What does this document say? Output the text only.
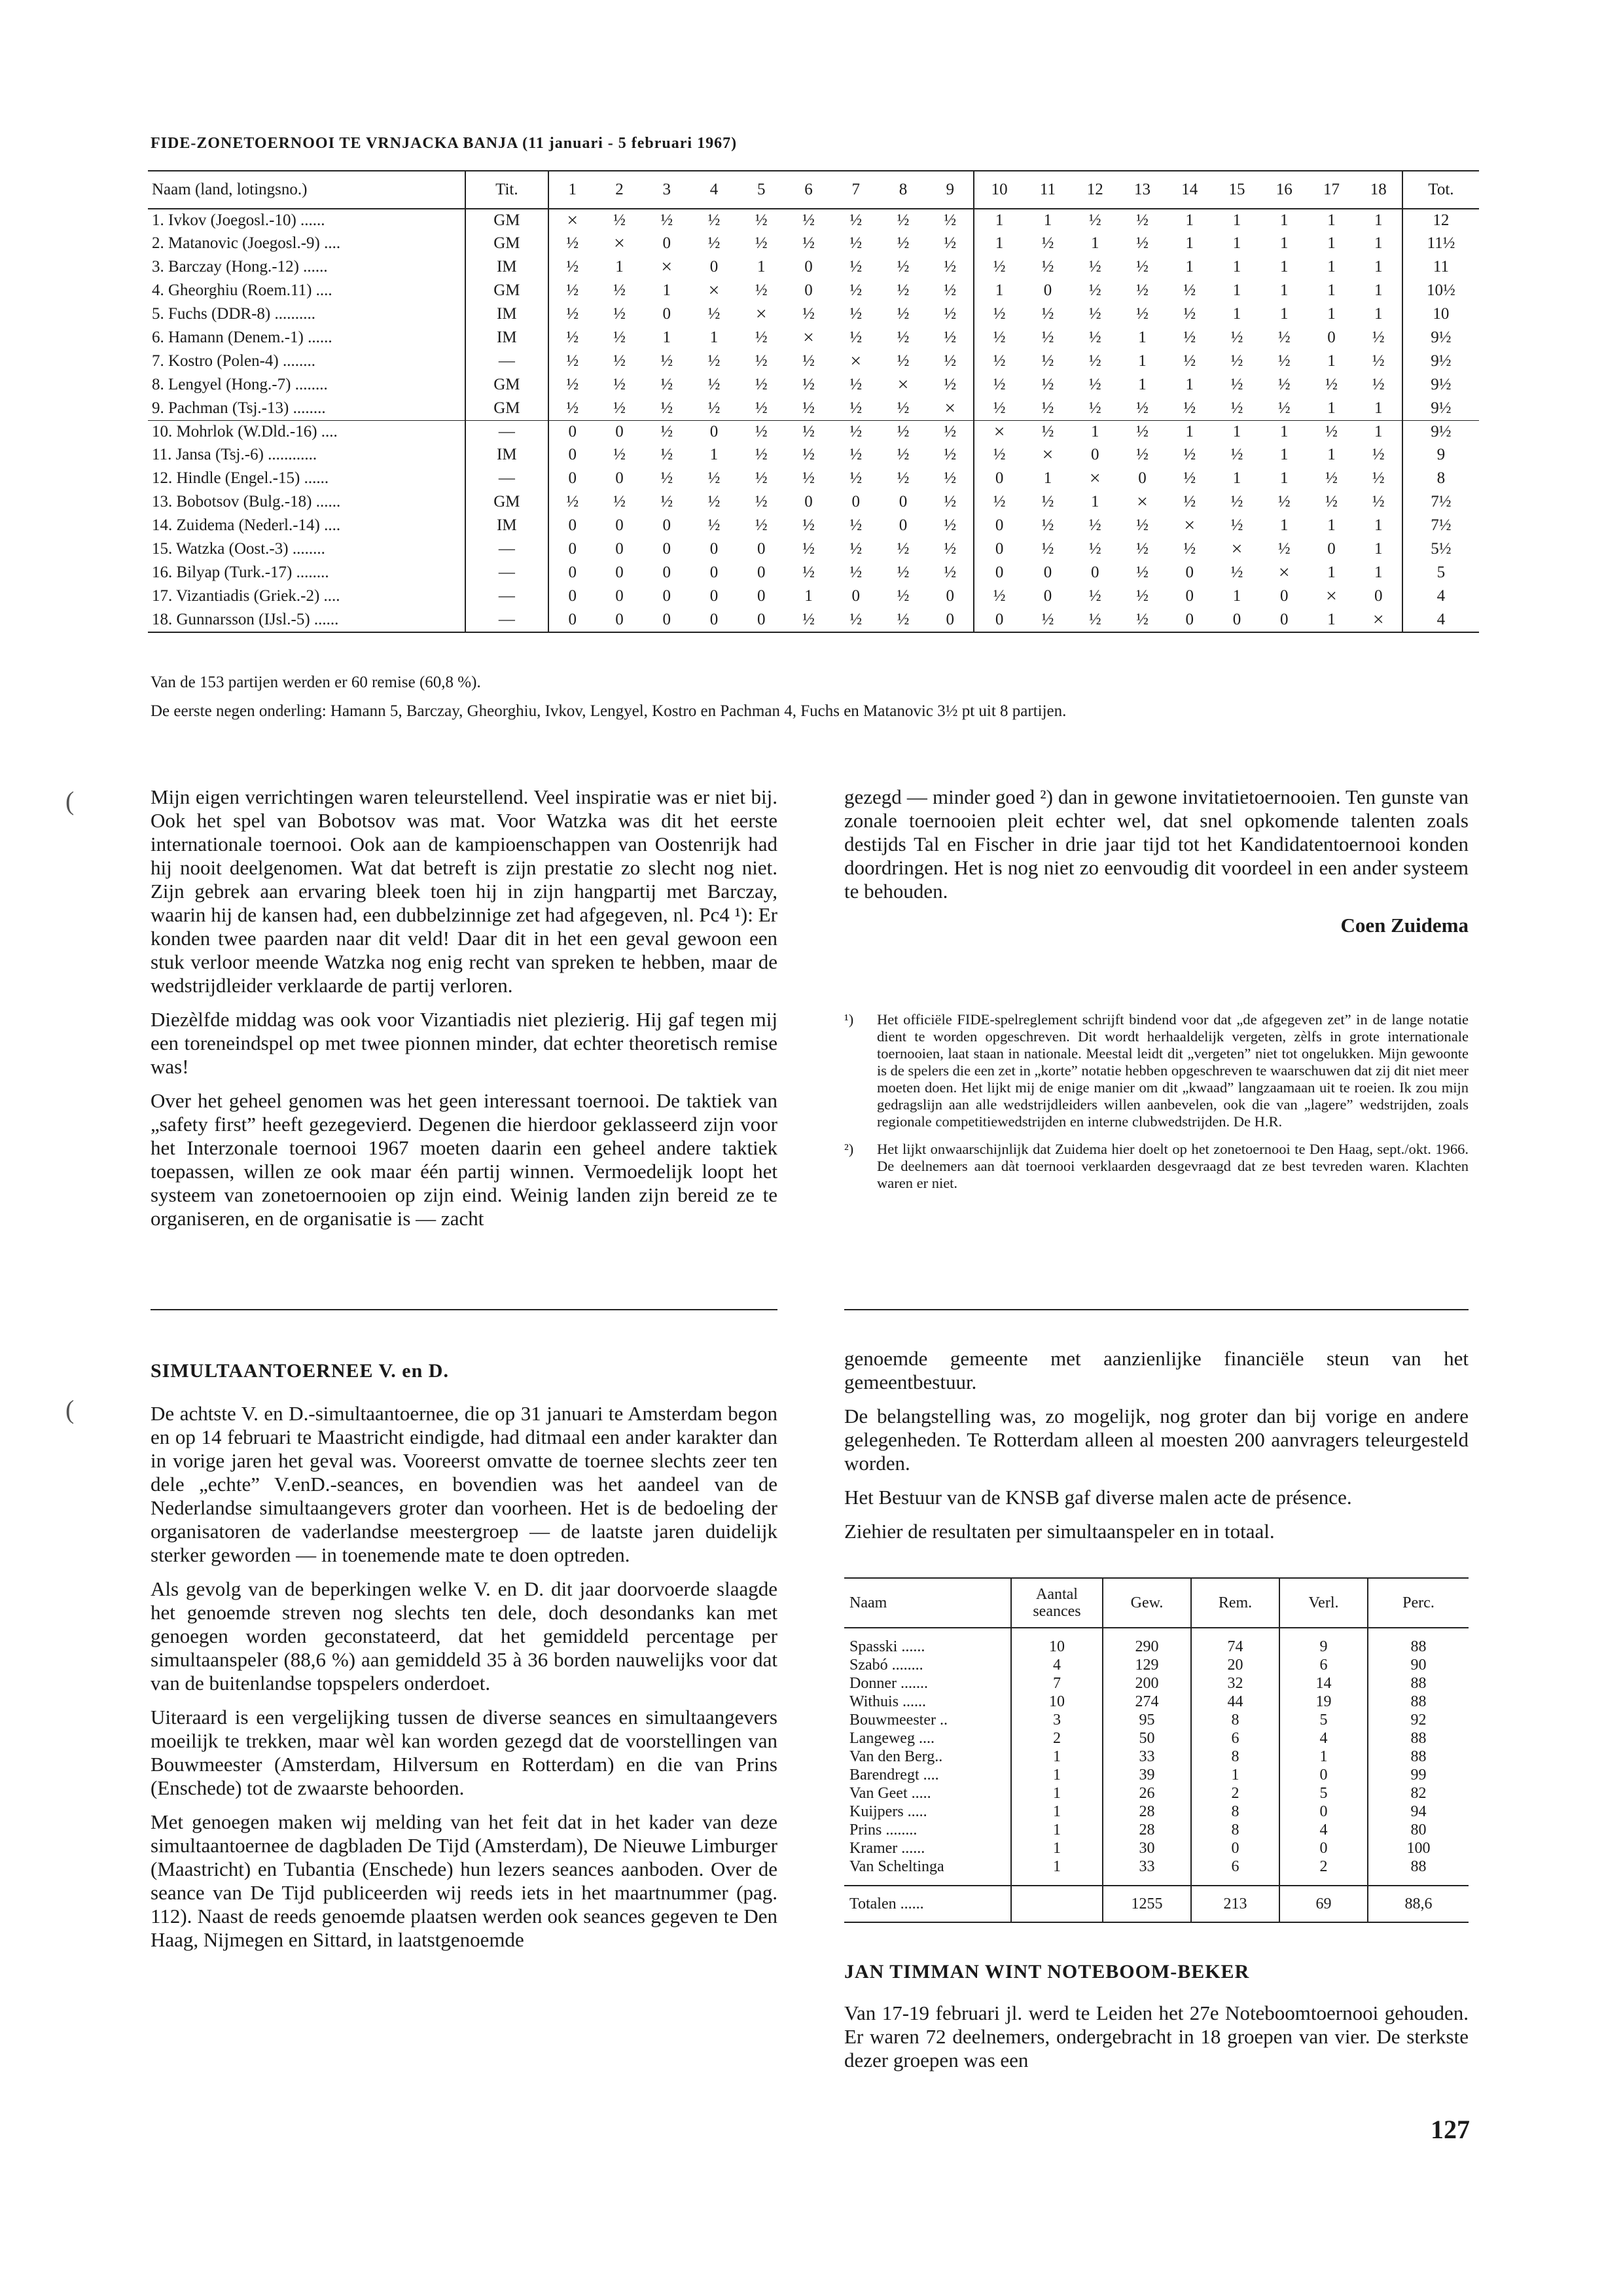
(
(
FIDE-ZONETOERNOOI TE VRNJACKA BANJA (11 januari - 5 februari 1967)
Naam (land, lotingsno.)	Tit.	1	2	3	4	5	6	7	8	9	10	11	12	13	14	15	16	17	18	Tot.
1. Ivkov (Joegosl.-10) ......	GM	×	½	½	½	½	½	½	½	½	1	1	½	½	1	1	1	1	1	12
2. Matanovic (Joegosl.-9) ....	GM	½	×	0	½	½	½	½	½	½	1	½	1	½	1	1	1	1	1	11½
3. Barczay (Hong.-12) ......	IM	½	1	×	0	1	0	½	½	½	½	½	½	½	1	1	1	1	1	11
4. Gheorghiu (Roem.11) ....	GM	½	½	1	×	½	0	½	½	½	1	0	½	½	½	1	1	1	1	10½
5. Fuchs (DDR-8) ..........	IM	½	½	0	½	×	½	½	½	½	½	½	½	½	½	1	1	1	1	10
6. Hamann (Denem.-1) ......	IM	½	½	1	1	½	×	½	½	½	½	½	½	1	½	½	½	0	½	9½
7. Kostro (Polen-4) ........	—	½	½	½	½	½	½	×	½	½	½	½	½	1	½	½	½	1	½	9½
8. Lengyel (Hong.-7) ........	GM	½	½	½	½	½	½	½	×	½	½	½	½	1	1	½	½	½	½	9½
9. Pachman (Tsj.-13) ........	GM	½	½	½	½	½	½	½	½	×	½	½	½	½	½	½	½	1	1	9½
10. Mohrlok (W.Dld.-16) ....	—	0	0	½	0	½	½	½	½	½	×	½	1	½	1	1	1	½	1	9½
11. Jansa (Tsj.-6) ............	IM	0	½	½	1	½	½	½	½	½	½	×	0	½	½	½	1	1	½	9
12. Hindle (Engel.-15) ......	—	0	0	½	½	½	½	½	½	½	0	1	×	0	½	1	1	½	½	8
13. Bobotsov (Bulg.-18) ......	GM	½	½	½	½	½	0	0	0	½	½	½	1	×	½	½	½	½	½	7½
14. Zuidema (Nederl.-14) ....	IM	0	0	0	½	½	½	½	0	½	0	½	½	½	×	½	1	1	1	7½
15. Watzka (Oost.-3) ........	—	0	0	0	0	0	½	½	½	½	0	½	½	½	½	×	½	0	1	5½
16. Bilyap (Turk.-17) ........	—	0	0	0	0	0	½	½	½	½	0	0	0	½	0	½	×	1	1	5
17. Vizantiadis (Griek.-2) ....	—	0	0	0	0	0	1	0	½	0	½	0	½	½	0	1	0	×	0	4
18. Gunnarsson (IJsl.-5) ......	—	0	0	0	0	0	½	½	½	0	0	½	½	½	0	0	0	1	×	4
Van de 153 partijen werden er 60 remise (60,8 %).
De eerste negen onderling: Hamann 5, Barczay, Gheorghiu, Ivkov, Lengyel, Kostro en Pachman 4, Fuchs en Matanovic 3½ pt uit 8 partijen.

Mijn eigen verrichtingen waren teleurstellend. Veel inspiratie was er niet bij. Ook het spel van Bobotsov was mat. Voor Watzka was dit het eerste internationale toernooi. Ook aan de kampioenschappen van Oostenrijk had hij nooit deelgenomen. Wat dat betreft is zijn prestatie zo slecht nog niet. Zijn gebrek aan ervaring bleek toen hij in zijn hangpartij met Barczay, waarin hij de kansen had, een dubbelzinnige zet had afgegeven, nl. Pc4 ¹): Er konden twee paarden naar dit veld! Daar dit in het een geval gewoon een stuk verloor meende Watzka nog enig recht van spreken te hebben, maar de wedstrijdleider verklaarde de partij verloren.

Diezèlfde middag was ook voor Vizantiadis niet plezierig. Hij gaf tegen mij een toreneindspel op met twee pionnen minder, dat echter theoretisch remise was!

Over het geheel genomen was het geen interessant toernooi. De taktiek van „safety first” heeft gezegevierd. Degenen die hierdoor geklasseerd zijn voor het Interzonale toernooi 1967 moeten daarin een geheel andere taktiek toepassen, willen ze ook maar één partij winnen. Vermoedelijk loopt het systeem van zonetoernooien op zijn eind. Weinig landen zijn bereid ze te organiseren, en de organisatie is — zacht

gezegd — minder goed ²) dan in gewone invitatietoernooien. Ten gunste van zonale toernooien pleit echter wel, dat snel opkomende talenten zoals destijds Tal en Fischer in drie jaar tijd tot het Kandidatentoernooi konden doordringen. Het is nog niet zo eenvoudig dit voordeel in een ander systeem te behouden.

Coen Zuidema
¹)	Het officiële FIDE-spelreglement schrijft bindend voor dat „de afgegeven zet” in de lange notatie dient te worden opgeschreven. Dit wordt herhaaldelijk vergeten, zèlfs in grote internationale toernooien, laat staan in nationale. Meestal leidt dit „vergeten” niet tot ongelukken. Mijn gewoonte is de spelers die een zet in „korte” notatie hebben opgeschreven te waarschuwen dat zij dit niet meer moeten doen. Het lijkt mij de enige manier om dit „kwaad” langzaamaan uit te roeien. Ik zou mijn gedragslijn aan alle wedstrijdleiders willen aanbevelen, ook die van „lagere” wedstrijden, zoals regionale competitiewedstrijden en interne clubwedstrijden. De H.R.
²)	Het lijkt onwaarschijnlijk dat Zuidema hier doelt op het zonetoernooi te Den Haag, sept./okt. 1966. De deelnemers aan dàt toernooi verklaarden desgevraagd dat ze best tevreden waren. Klachten waren er niet.
SIMULTAANTOERNEE V. en D.

De achtste V. en D.-simultaantoernee, die op 31 januari te Amsterdam begon en op 14 februari te Maastricht eindigde, had ditmaal een ander karakter dan in vorige jaren het geval was. Vooreerst omvatte de toernee slechts zeer ten dele „echte” V.enD.-seances, en bovendien was het aandeel van de Nederlandse simultaangevers groter dan voorheen. Het is de bedoeling der organisatoren de vaderlandse meestergroep — de laatste jaren duidelijk sterker geworden — in toenemende mate te doen optreden.

Als gevolg van de beperkingen welke V. en D. dit jaar doorvoerde slaagde het genoemde streven nog slechts ten dele, doch desondanks kan met genoegen worden geconstateerd, dat het gemiddeld percentage per simultaanspeler (88,6 %) aan gemiddeld 35 à 36 borden nauwelijks voor dat van de buitenlandse topspelers onderdoet.

Uiteraard is een vergelijking tussen de diverse seances en simultaangevers moeilijk te trekken, maar wèl kan worden gezegd dat de voorstellingen van Bouwmeester (Amsterdam, Hilversum en Rotterdam) en die van Prins (Enschede) tot de zwaarste behoorden.

Met genoegen maken wij melding van het feit dat in het kader van deze simultaantoernee de dagbladen De Tijd (Amsterdam), De Nieuwe Limburger (Maastricht) en Tubantia (Enschede) hun lezers seances aanboden. Over de seance van De Tijd publiceerden wij reeds iets in het maartnummer (pag. 112). Naast de reeds genoemde plaatsen werden ook seances gegeven te Den Haag, Nijmegen en Sittard, in laatstgenoemde

genoemde gemeente met aanzienlijke financiële steun van het gemeentbestuur.

De belangstelling was, zo mogelijk, nog groter dan bij vorige en andere gelegenheden. Te Rotterdam alleen al moesten 200 aanvragers teleurgesteld worden.

Het Bestuur van de KNSB gaf diverse malen acte de présence.

Ziehier de resultaten per simultaanspeler en in totaal.

Naam	Aantal seances	Gew.	Rem.	Verl.	Perc.
Spasski ......	10	290	74	9	88
Szabó ........	4	129	20	6	90
Donner .......	7	200	32	14	88
Withuis ......	10	274	44	19	88
Bouwmeester ..	3	95	8	5	92
Langeweg ....	2	50	6	4	88
Van den Berg..	1	33	8	1	88
Barendregt ....	1	39	1	0	99
Van Geet .....	1	26	2	5	82
Kuijpers .....	1	28	8	0	94
Prins ........	1	28	8	4	80
Kramer ......	1	30	0	0	100
Van Scheltinga	1	33	6	2	88
Totalen ......		1255	213	69	88,6
JAN TIMMAN WINT NOTEBOOM-BEKER

Van 17-19 februari jl. werd te Leiden het 27e Noteboomtoernooi gehouden. Er waren 72 deelnemers, ondergebracht in 18 groepen van vier. De sterkste dezer groepen was een

127
